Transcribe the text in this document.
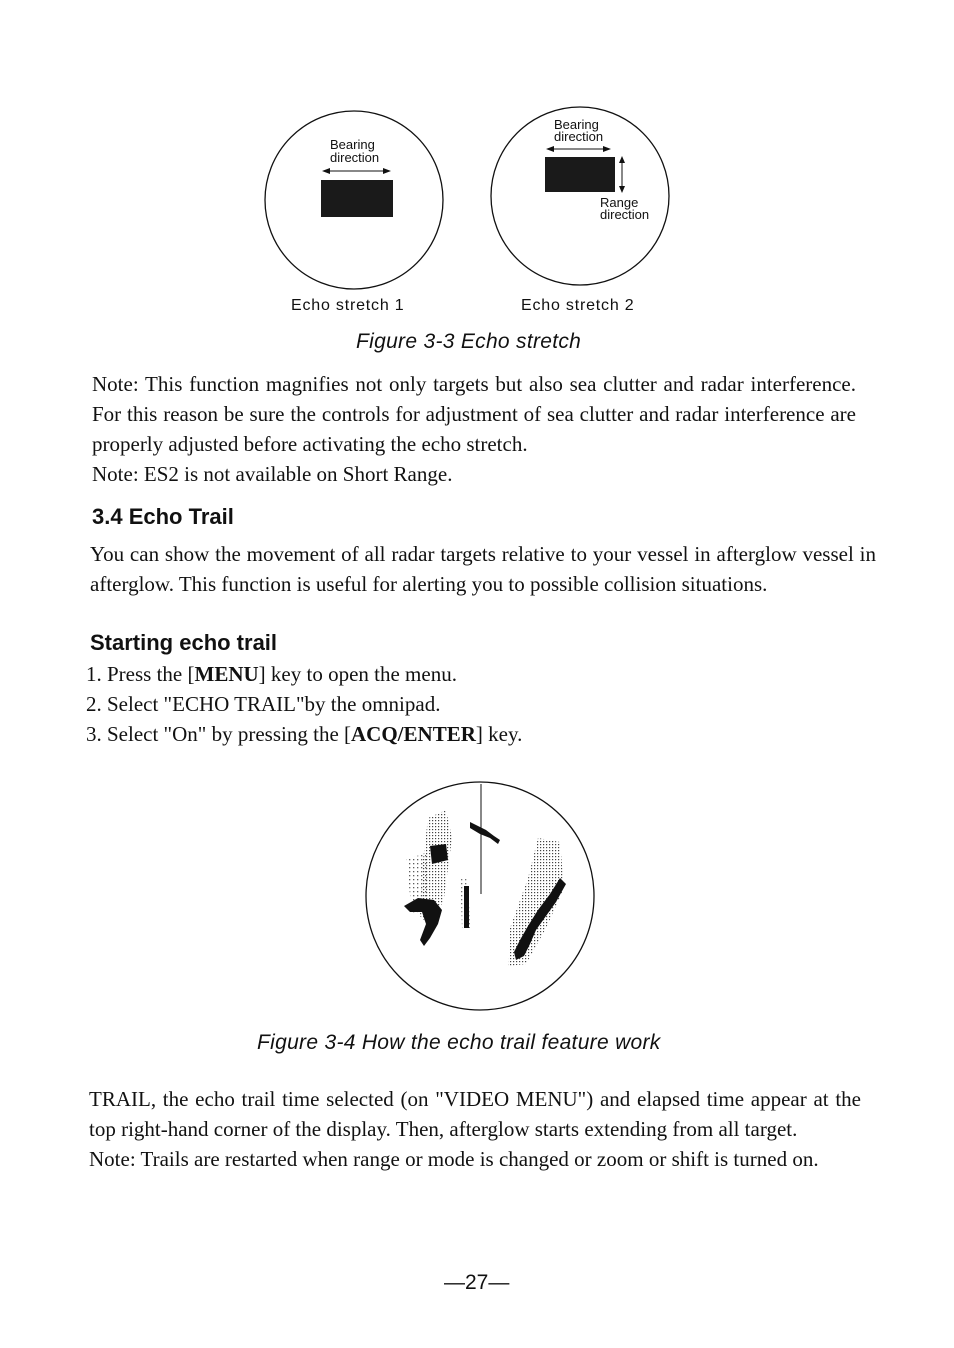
Bearing
direction
Bearing
direction
Range
direction
Echo stretch 1	Echo stretch 2
Figure 3-3 Echo stretch

Note: This function magnifies not only targets but also sea clutter and radar interference. For this reason be sure the controls for adjustment of sea clutter and radar interference are properly adjusted before activating the echo stretch.

Note: ES2 is not available on Short Range.

3.4 Echo Trail

You can show the movement of all radar targets relative to your vessel in afterglow vessel in afterglow. This function is useful for alerting you to possible collision situations.

Starting echo trail
1. Press the [MENU] key to open the menu.
2. Select "ECHO TRAIL"by the omnipad.
3. Select "On" by pressing the [ACQ/ENTER] key.
Figure 3-4 How the echo trail feature work

TRAIL, the echo trail time selected (on "VIDEO MENU") and elapsed time appear at the top right-hand corner of the display. Then, afterglow starts extending from all target.

Note: Trails are restarted when range or mode is changed or zoom or shift is turned on.

—27—
